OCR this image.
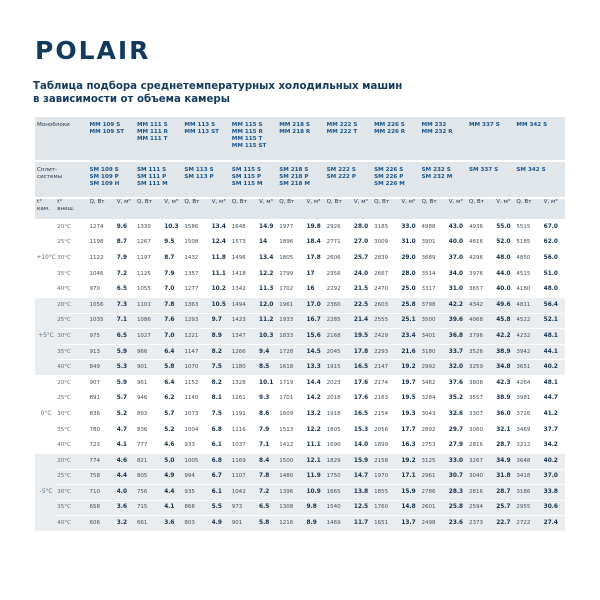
POLAIR
Таблица подбора среднетемпературных холодильных машин
в зависимости от объема камеры
Моноблоки		MM 109 S
MM 109 ST		MM 111 S
MM 111 R
MM 111 T		MM 113 S
MM 113 ST		MM 115 S
MM 115 R
MM 115 T
MM 115 ST		MM 218 S
MM 218 R		MM 222 S
MM 222 T		MM 226 S
MM 226 R		MM 232
MM 232 R		MM 337 S		MM 342 S	

Сплит-
системы		SM 109 S
SM 109 P
SM 109 H		SM 111 S
SM 111 P
SM 111 M		SM 113 S
SM 113 P		SM 115 S
SM 115 P
SM 115 M		SM 218 S
SM 218 P
SM 218 M		SM 222 S
SM 222 P		SM 226 S
SM 226 P
SM 226 M		SM 232 S
SM 232 M		SM 337 S		SM 342 S	

t°
кам.	t°
внеш.	Q, Вт	V, м³	Q, Вт	V, м³	Q, Вт	V, м³	Q, Вт	V, м³	Q, Вт	V, м³	Q, Вт	V, м³	Q, Вт	V, м³	Q, Вт	V, м³	Q, Вт	V, м³	Q, Вт	V, м³
+10°C	20°C	1274	9.6	1339	10.3	1586	13.4	1648	14.9	1977	19.8	2926	28.0	3185	33.0	4988	43.0	4936	55.0	5515	67.0
	25°C	1198	8.7	1267	9.5	1508	12.4	1573	14	1896	18.4	2771	27.0	3009	31.0	3901	40.0	4616	52.0	5185	62.0
	30°C	1122	7.9	1197	8.7	1432	11.8	1496	13.4	1805	17.8	2606	25.7	2839	29.0	3689	37.0	4296	48.0	4850	56.0
	35°C	1046	7.2	1125	7.9	1357	11.1	1418	12.2	1799	17	2356	24.0	2667	28.0	3514	34.0	3976	44.0	4515	51.0
	40°C	970	6.5	1055	7.0	1277	10.2	1342	11.3	1702	16	2292	21.5	2470	25.0	3317	31.0	3657	40.0	4180	48.0
+5°C	20°C	1056	7.3	1101	7.8	1363	10.5	1494	12.0	1961	17.0	2360	22.5	2603	25.8	3798	42.2	4342	49.6	4811	56.4
	25°C	1035	7.1	1086	7.6	1293	9.7	1423	11.2	1933	16.7	2285	21.4	2555	25.1	3500	39.6	4068	45.8	4522	52.1
	30°C	975	6.5	1027	7.0	1221	8.9	1347	10.3	1833	15.6	2168	19.5	2429	23.4	3401	36.8	3796	42.2	4232	48.1
	35°C	913	5.9	966	6.4	1147	8.2	1266	9.4	1728	14.5	2045	17.8	2293	21.6	3180	33.7	3526	38.9	3942	44.1
	40°C	849	5.3	901	5.8	1070	7.5	1180	8.5	1618	13.3	1915	16.5	2147	19.2	2992	32.0	3259	34.8	3651	40.2
0°C	20°C	907	5.9	961	6.4	1152	8.2	1328	10.1	1719	14.4	2023	17.6	2174	19.7	3462	37.6	3808	42.3	4264	48.1
	25°C	891	5.7	946	6.2	1140	8.1	1261	9.3	1701	14.2	2018	17.6	2163	19.5	3284	35.2	3557	38.9	3981	44.7
	30°C	836	5.2	893	5.7	1073	7.5	1191	8.6	1609	13.2	1918	16.5	2154	19.3	3043	32.6	3307	36.0	3726	41.2
	35°C	780	4.7	836	5.2	1004	6.8	1116	7.9	1513	12.2	1805	15.3	2056	17.7	2892	29.7	3060	32.1	3469	37.7
	40°C	723	4.1	777	4.6	933	6.1	1037	7.1	1412	11.1	1690	14.0	1899	16.3	2753	27.9	2816	28.7	3212	34.2
-5°C	20°C	774	4.6	821	5.0	1005	6.8	1169	8.4	1500	12.1	1829	15.9	2158	19.2	3125	33.0	3267	34.9	3648	40.2
	25°C	758	4.4	805	4.9	994	6.7	1107	7.8	1480	11.9	1750	14.7	1970	17.1	2961	30.7	3040	31.8	3418	37.0
	30°C	710	4.0	756	4.4	935	6.1	1042	7.2	1396	10.9	1665	13.8	1855	15.9	2786	28.3	2816	28.7	3186	33.8
	35°C	658	3.6	715	4.1	868	5.5	973	6.5	1308	9.8	1540	12.5	1760	14.8	2601	25.8	2594	25.7	2955	30.6
	40°C	606	3.2	661	3.6	803	4.9	901	5.8	1216	8.9	1469	11.7	1651	13.7	2498	23.6	2373	22.7	2722	27.4
